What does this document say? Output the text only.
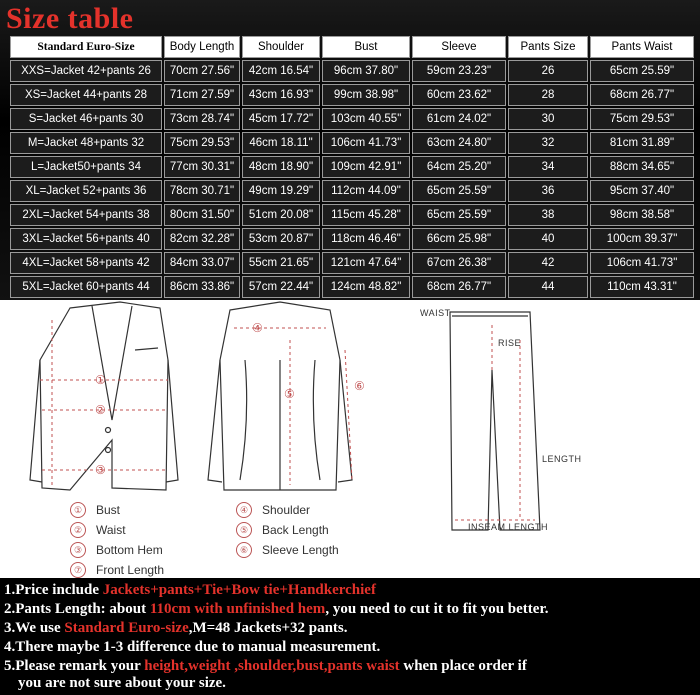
Size table
Standard Euro-Size	Body Length	Shoulder	Bust	Sleeve	Pants Size	Pants Waist
XXS=Jacket 42+pants 26	70cm 27.56"	42cm 16.54"	96cm 37.80"	59cm 23.23"	26	65cm 25.59"
XS=Jacket 44+pants 28	71cm 27.59"	43cm 16.93"	99cm 38.98"	60cm 23.62"	28	68cm 26.77"
S=Jacket 46+pants 30	73cm 28.74"	45cm 17.72"	103cm 40.55"	61cm 24.02"	30	75cm 29.53"
M=Jacket 48+pants 32	75cm 29.53"	46cm 18.11"	106cm 41.73"	63cm 24.80"	32	81cm 31.89"
L=Jacket50+pants 34	77cm 30.31"	48cm 18.90"	109cm 42.91"	64cm 25.20"	34	88cm 34.65"
XL=Jacket 52+pants 36	78cm 30.71"	49cm 19.29"	112cm 44.09"	65cm 25.59"	36	95cm 37.40"
2XL=Jacket 54+pants 38	80cm 31.50"	51cm 20.08"	115cm 45.28"	65cm 25.59"	38	98cm 38.58"
3XL=Jacket 56+pants 40	82cm 32.28"	53cm 20.87"	118cm 46.46"	66cm 25.98"	40	100cm 39.37"
4XL=Jacket 58+pants 42	84cm 33.07"	55cm 21.65"	121cm 47.64"	67cm 26.38"	42	106cm 41.73"
5XL=Jacket 60+pants 44	86cm 33.86"	57cm 22.44"	124cm 48.82"	68cm 26.77"	44	110cm 43.31"
①
②
③
④
⑤
⑥
WAIST
RISE
LENGTH
INSEAM LENGTH
①	Bust
②	Waist
③	Bottom Hem
⑦	Front Length
④	Shoulder
⑤	Back Length
⑥	Sleeve Length
1.Price include Jackets+pants+Tie+Bow tie+Handkerchief
2.Pants Length: about 110cm with unfinished hem, you need to cut it to fit you better.
3.We use Standard Euro-size,M=48 Jackets+32 pants.
4.There maybe 1-3 difference due to manual measurement.
5.Please remark your height,weight ,shoulder,bust,pants waist when place order if
you are not sure about your size.
